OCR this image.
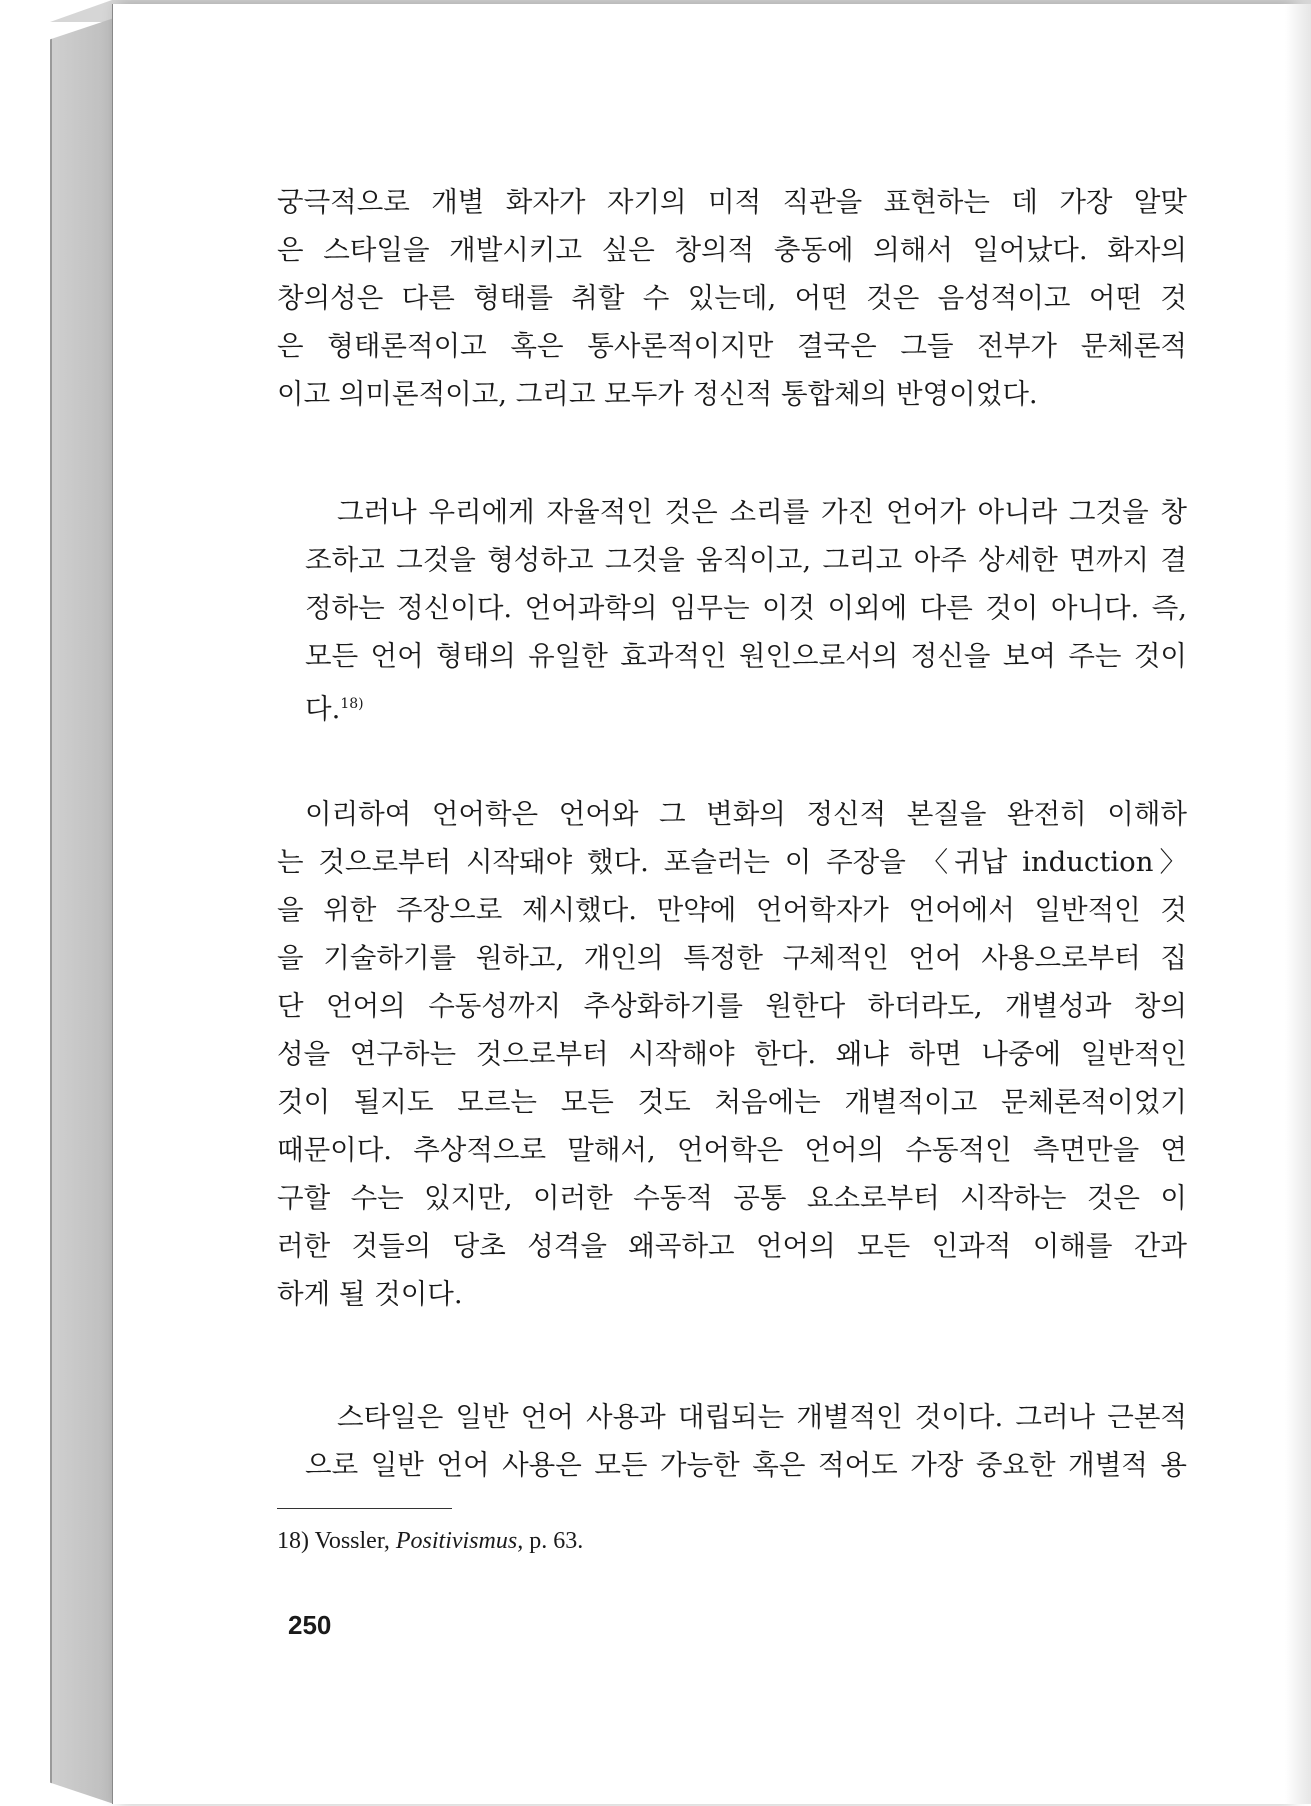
궁극적으로 개별 화자가 자기의 미적 직관을 표현하는 데 가장 알맞
은 스타일을 개발시키고 싶은 창의적 충동에 의해서 일어났다. 화자의
창의성은 다른 형태를 취할 수 있는데, 어떤 것은 음성적이고 어떤 것
은 형태론적이고 혹은 통사론적이지만 결국은 그들 전부가 문체론적
이고 의미론적이고, 그리고 모두가 정신적 통합체의 반영이었다.
그러나 우리에게 자율적인 것은 소리를 가진 언어가 아니라 그것을 창
조하고 그것을 형성하고 그것을 움직이고, 그리고 아주 상세한 면까지 결
정하는 정신이다. 언어과학의 임무는 이것 이외에 다른 것이 아니다. 즉,
모든 언어 형태의 유일한 효과적인 원인으로서의 정신을 보여 주는 것이
다.$^{18)}$
이리하여 언어학은 언어와 그 변화의 정신적 본질을 완전히 이해하
는 것으로부터 시작돼야 했다. 포슬러는 이 주장을 〈귀납 induction〉
을 위한 주장으로 제시했다. 만약에 언어학자가 언어에서 일반적인 것
을 기술하기를 원하고, 개인의 특정한 구체적인 언어 사용으로부터 집
단 언어의 수동성까지 추상화하기를 원한다 하더라도, 개별성과 창의
성을 연구하는 것으로부터 시작해야 한다. 왜냐 하면 나중에 일반적인
것이 될지도 모르는 모든 것도 처음에는 개별적이고 문체론적이었기
때문이다. 추상적으로 말해서, 언어학은 언어의 수동적인 측면만을 연
구할 수는 있지만, 이러한 수동적 공통 요소로부터 시작하는 것은 이
러한 것들의 당초 성격을 왜곡하고 언어의 모든 인과적 이해를 간과
하게 될 것이다.
스타일은 일반 언어 사용과 대립되는 개별적인 것이다. 그러나 근본적
으로 일반 언어 사용은 모든 가능한 혹은 적어도 가장 중요한 개별적 용
18) Vossler, Positivismus, p. 63.
250
